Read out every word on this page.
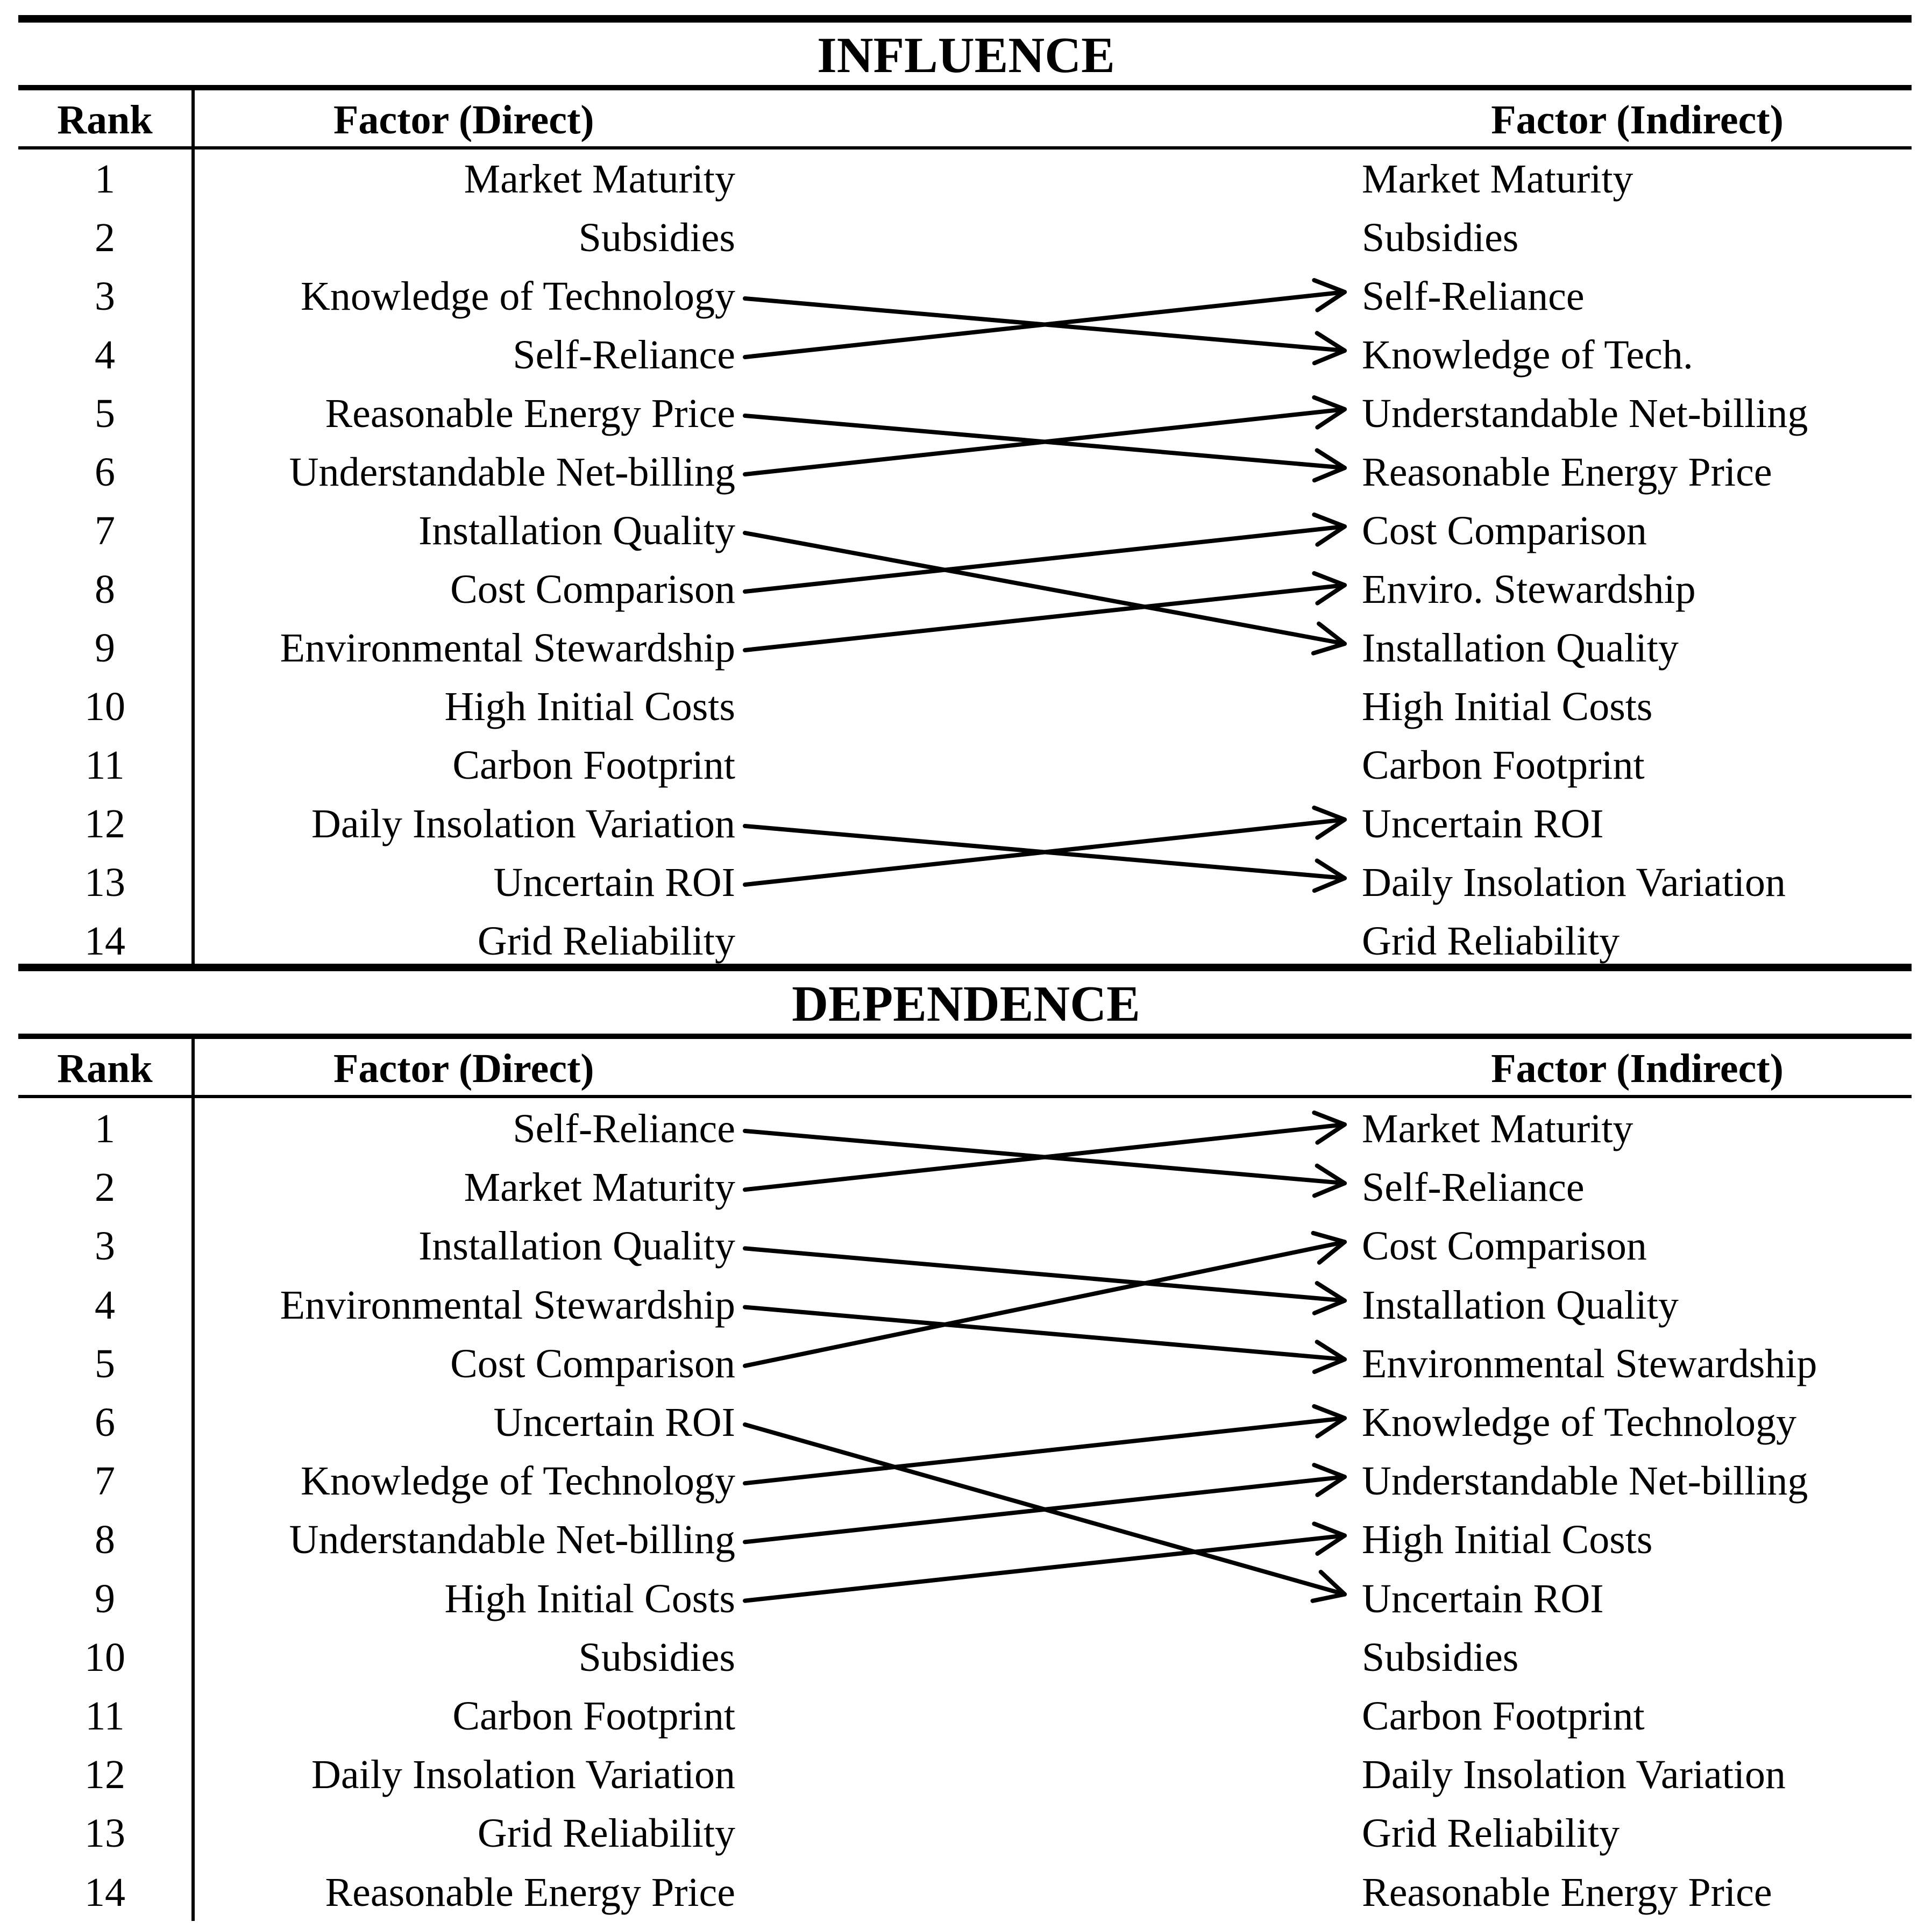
INFLUENCE
Rank	Factor (Direct)	Factor (Indirect)
1	Market Maturity	Market Maturity
2	Subsidies	Subsidies
3	Knowledge of Technology	Self-Reliance
4	Self-Reliance	Knowledge of Tech.
5	Reasonable Energy Price	Understandable Net-billing
6	Understandable Net-billing	Reasonable Energy Price
7	Installation Quality	Cost Comparison
8	Cost Comparison	Enviro. Stewardship
9	Environmental Stewardship	Installation Quality
10	High Initial Costs	High Initial Costs
11	Carbon Footprint	Carbon Footprint
12	Daily Insolation Variation	Uncertain ROI
13	Uncertain ROI	Daily Insolation Variation
14	Grid Reliability	Grid Reliability
DEPENDENCE
Rank	Factor (Direct)	Factor (Indirect)
1	Self-Reliance	Market Maturity
2	Market Maturity	Self-Reliance
3	Installation Quality	Cost Comparison
4	Environmental Stewardship	Installation Quality
5	Cost Comparison	Environmental Stewardship
6	Uncertain ROI	Knowledge of Technology
7	Knowledge of Technology	Understandable Net-billing
8	Understandable Net-billing	High Initial Costs
9	High Initial Costs	Uncertain ROI
10	Subsidies	Subsidies
11	Carbon Footprint	Carbon Footprint
12	Daily Insolation Variation	Daily Insolation Variation
13	Grid Reliability	Grid Reliability
14	Reasonable Energy Price	Reasonable Energy Price
